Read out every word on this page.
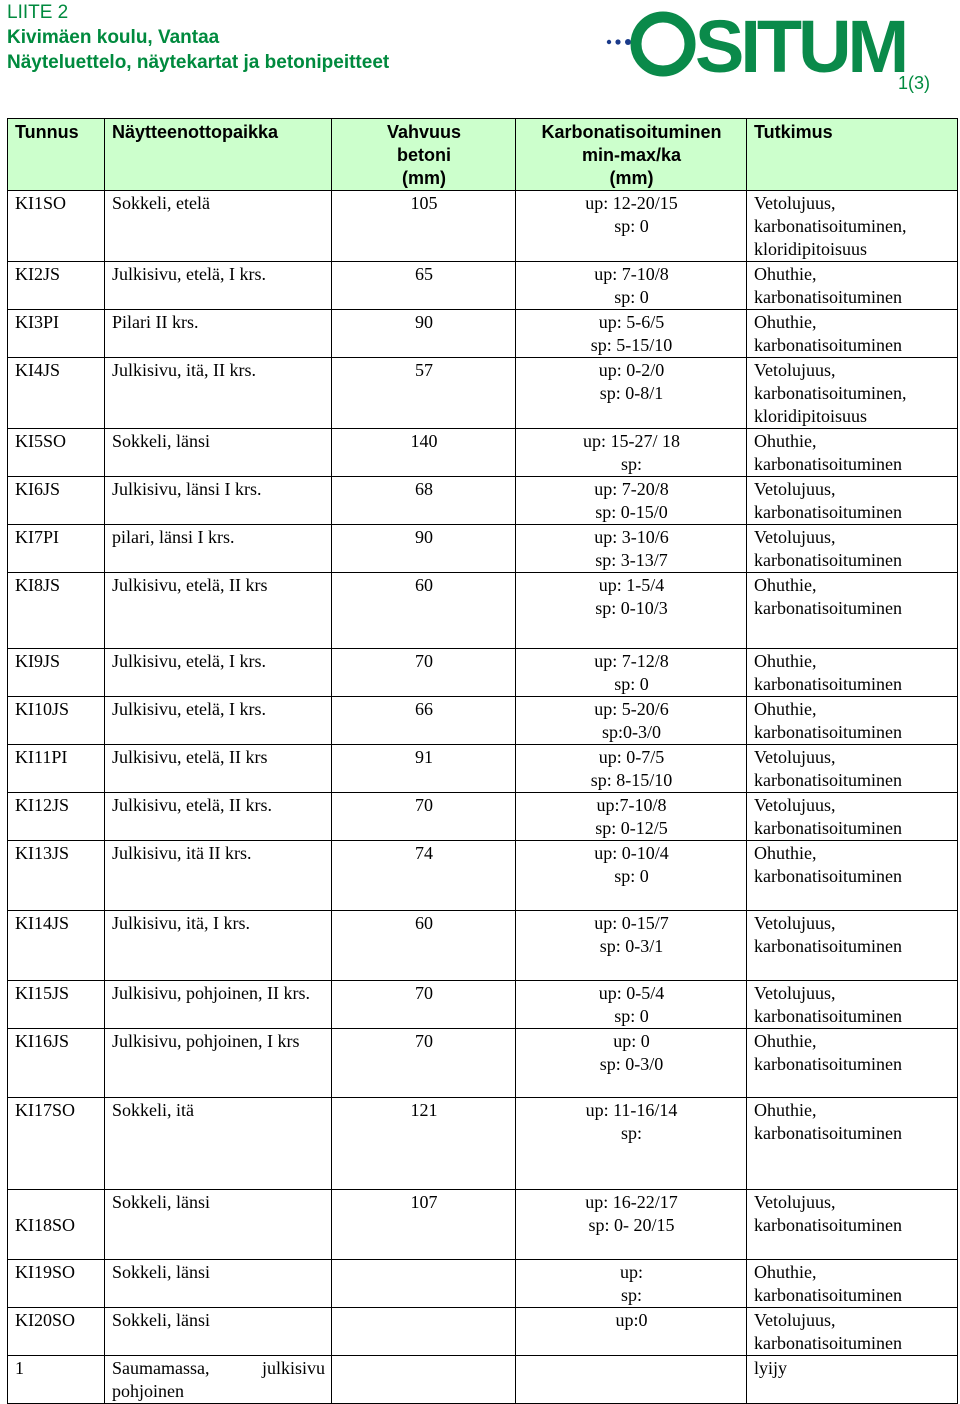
LIITE 2
Kivimäen koulu, Vantaa
Näyteluettelo, näytekartat ja betonipeitteet	SITUM
1(3)
Tunnus	Näytteenottopaikka	Vahvuus
betoni
(mm)	Karbonatisoituminen
min-max/ka
(mm)	Tutkimus

KI1SO	Sokkeli, etelä	105	up: 12-20/15
sp: 0	Vetolujuus,
karbonatisoituminen,
kloridipitoisuus

KI2JS	Julkisivu, etelä, I krs.	65	up: 7-10/8
sp: 0	Ohuthie,
karbonatisoituminen

KI3PI	Pilari II krs.	90	up: 5-6/5
sp: 5-15/10	Ohuthie,
karbonatisoituminen

KI4JS	Julkisivu, itä, II krs.	57	up: 0-2/0
sp: 0-8/1	Vetolujuus,
karbonatisoituminen,
kloridipitoisuus

KI5SO	Sokkeli, länsi	140	up: 15-27/ 18
sp:	Ohuthie,
karbonatisoituminen

KI6JS	Julkisivu, länsi I krs.	68	up: 7-20/8
sp: 0-15/0	Vetolujuus,
karbonatisoituminen

KI7PI	pilari, länsi I krs.	90	up: 3-10/6
sp: 3-13/7	Vetolujuus,
karbonatisoituminen

KI8JS	Julkisivu, etelä, II krs	60	up: 1-5/4
sp: 0-10/3	Ohuthie,
karbonatisoituminen

KI9JS	Julkisivu, etelä, I krs.	70	up: 7-12/8
sp: 0	Ohuthie,
karbonatisoituminen

KI10JS	Julkisivu, etelä, I krs.	66	up: 5-20/6
sp:0-3/0	Ohuthie,
karbonatisoituminen

KI11PI	Julkisivu, etelä, II krs	91	up: 0-7/5
sp: 8-15/10	Vetolujuus,
karbonatisoituminen

KI12JS	Julkisivu, etelä, II krs.	70	up:7-10/8
sp: 0-12/5	Vetolujuus,
karbonatisoituminen

KI13JS	Julkisivu, itä II krs.	74	up: 0-10/4
sp: 0	Ohuthie,
karbonatisoituminen

KI14JS	Julkisivu, itä, I krs.	60	up: 0-15/7
sp: 0-3/1	Vetolujuus,
karbonatisoituminen

KI15JS	Julkisivu, pohjoinen, II krs.	70	up: 0-5/4
sp: 0	Vetolujuus,
karbonatisoituminen

KI16JS	Julkisivu, pohjoinen, I krs	70	up: 0
sp: 0-3/0	Ohuthie,
karbonatisoituminen

KI17SO	Sokkeli, itä	121	up: 11-16/14
sp:	Ohuthie,
karbonatisoituminen

KI18SO	Sokkeli, länsi	107	up: 16-22/17
sp: 0- 20/15	Vetolujuus,
karbonatisoituminen

KI19SO	Sokkeli, länsi		up:
sp:	Ohuthie,
karbonatisoituminen

KI20SO	Sokkeli, länsi		up:0	Vetolujuus,
karbonatisoituminen

1	Saumamassa, julkisivu pohjoinen			lyijy
